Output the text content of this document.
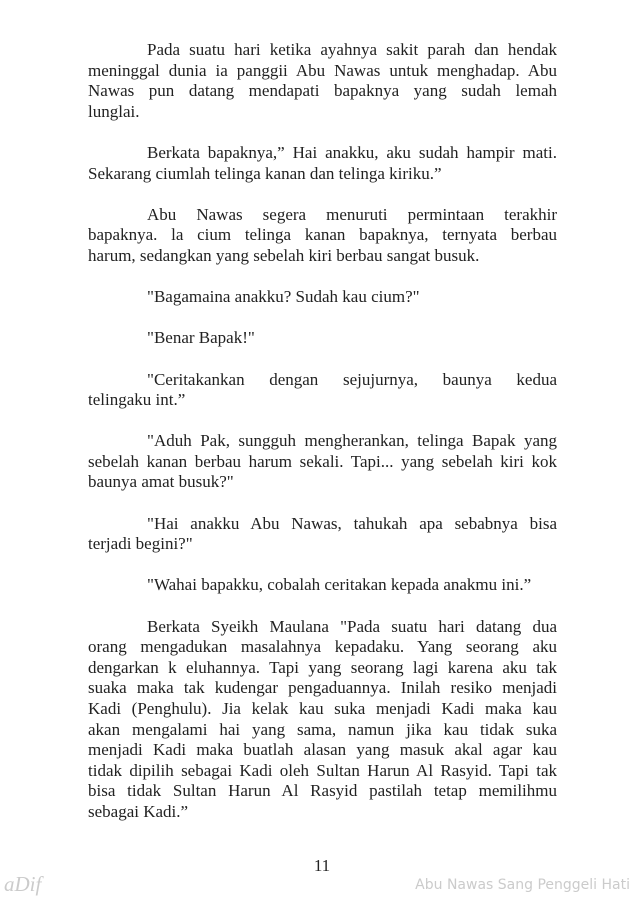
Pada suatu hari ketika ayahnya sakit parah dan hendak
meninggal dunia ia panggii Abu Nawas untuk menghadap. Abu
Nawas pun datang mendapati bapaknya yang sudah lemah
lunglai.
Berkata bapaknya,” Hai anakku, aku sudah hampir mati.
Sekarang ciumlah telinga kanan dan telinga kiriku.”
Abu Nawas segera menuruti permintaan terakhir
bapaknya. la cium telinga kanan bapaknya, ternyata berbau
harum, sedangkan yang sebelah kiri berbau sangat busuk.
"Bagamaina anakku? Sudah kau cium?"
"Benar Bapak!"
"Ceritakankan dengan sejujurnya, baunya kedua
telingaku int.”
"Aduh Pak, sungguh mengherankan, telinga Bapak yang
sebelah kanan berbau harum sekali. Tapi... yang sebelah kiri kok
baunya amat busuk?"
"Hai anakku Abu Nawas, tahukah apa sebabnya bisa
terjadi begini?"
"Wahai bapakku, cobalah ceritakan kepada anakmu ini.”
Berkata Syeikh Maulana "Pada suatu hari datang dua
orang mengadukan masalahnya kepadaku. Yang seorang aku
dengarkan k eluhannya. Tapi yang seorang lagi karena aku tak
suaka maka tak kudengar pengaduannya. Inilah resiko menjadi
Kadi (Penghulu). Jia kelak kau suka menjadi Kadi maka kau
akan mengalami hai yang sama, namun jika kau tidak suka
menjadi Kadi maka buatlah alasan yang masuk akal agar kau
tidak dipilih sebagai Kadi oleh Sultan Harun Al Rasyid. Tapi tak
bisa tidak Sultan Harun Al Rasyid pastilah tetap memilihmu
sebagai Kadi.”
11
aDif	Abu Nawas Sang Penggeli Hati
